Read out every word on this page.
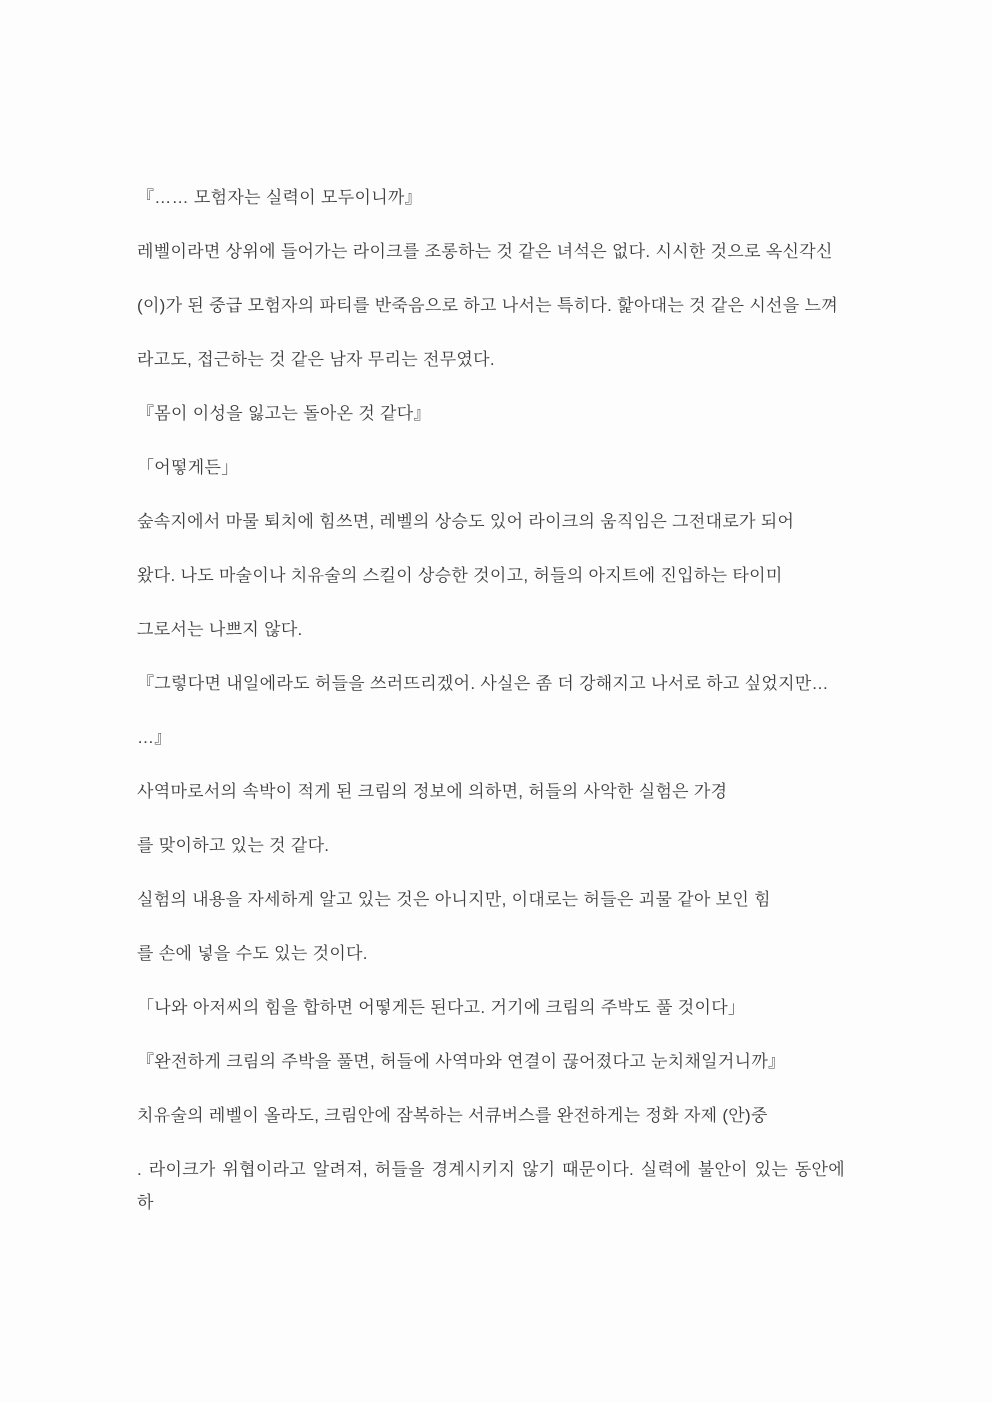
『…… 모험자는 실력이 모두이니까』

레벨이라면 상위에 들어가는 라이크를 조롱하는 것 같은 녀석은 없다. 시시한 것으로 옥신각신

(이)가 된 중급 모험자의 파티를 반죽음으로 하고 나서는 특히다. 핥아대는 것 같은 시선을 느껴

라고도, 접근하는 것 같은 남자 무리는 전무였다.

『몸이 이성을 잃고는 돌아온 것 같다』

「어떻게든」

숲속지에서 마물 퇴치에 힘쓰면, 레벨의 상승도 있어 라이크의 움직임은 그전대로가 되어

왔다. 나도 마술이나 치유술의 스킬이 상승한 것이고, 허들의 아지트에 진입하는 타이미

그로서는 나쁘지 않다.

『그렇다면 내일에라도 허들을 쓰러뜨리겠어. 사실은 좀 더 강해지고 나서로 하고 싶었지만…

…』

사역마로서의 속박이 적게 된 크림의 정보에 의하면, 허들의 사악한 실험은 가경

를 맞이하고 있는 것 같다.

실험의 내용을 자세하게 알고 있는 것은 아니지만, 이대로는 허들은 괴물 같아 보인 힘

를 손에 넣을 수도 있는 것이다.

「나와 아저씨의 힘을 합하면 어떻게든 된다고. 거기에 크림의 주박도 풀 것이다」

『완전하게 크림의 주박을 풀면, 허들에 사역마와 연결이 끊어졌다고 눈치채일거니까』

치유술의 레벨이 올라도, 크림안에 잠복하는 서큐버스를 완전하게는 정화 자제 (안)중

. 라이크가 위협이라고 알려져, 허들을 경계시키지 않기 때문이다. 실력에 불안이 있는 동안에 하
